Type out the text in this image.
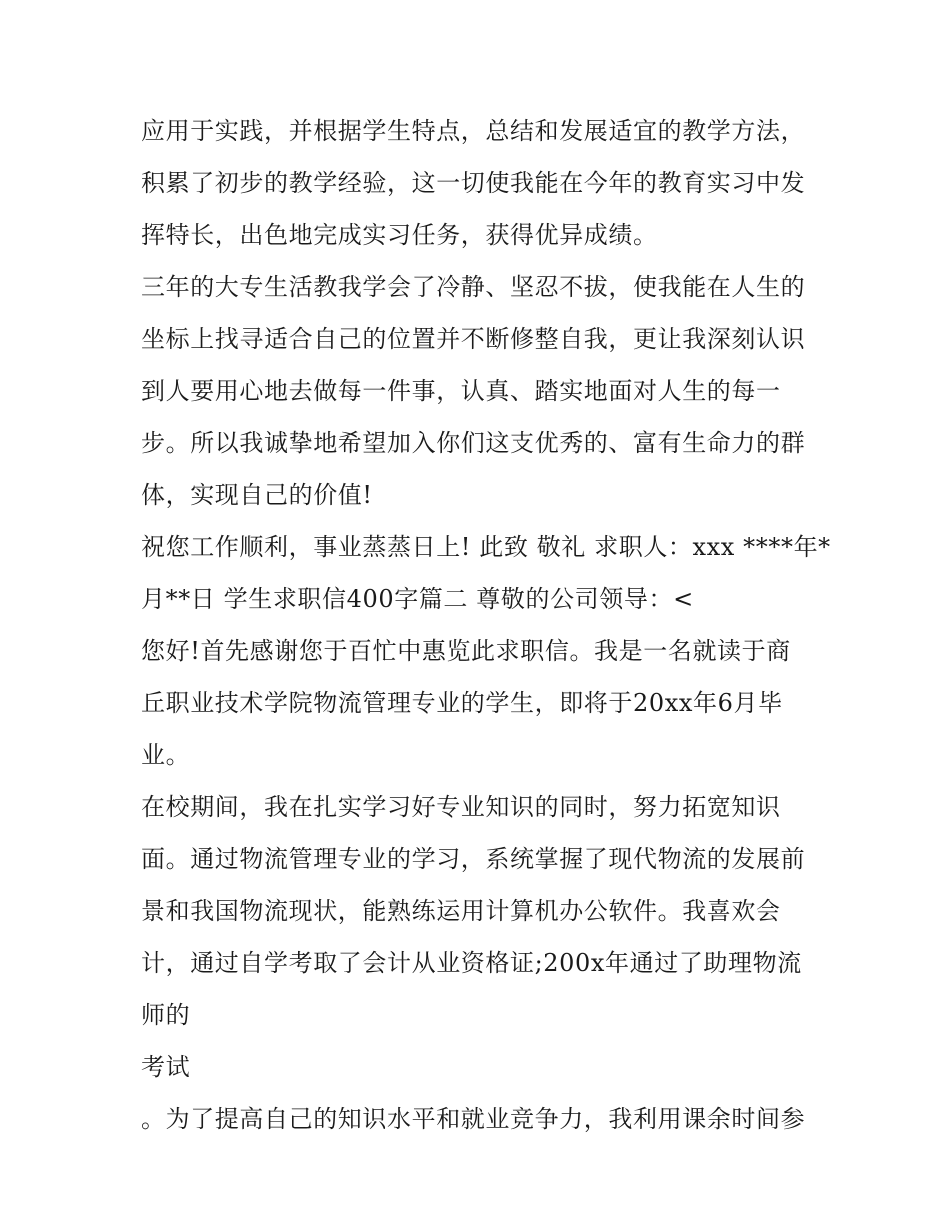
应用于实践，并根据学生特点，总结和发展适宜的教学方法，
积累了初步的教学经验，这一切使我能在今年的教育实习中发
挥特长，出色地完成实习任务，获得优异成绩。
三年的大专生活教我学会了冷静、坚忍不拔，使我能在人生的
坐标上找寻适合自己的位置并不断修整自我，更让我深刻认识
到人要用心地去做每一件事，认真、踏实地面对人生的每一
步。所以我诚挚地希望加入你们这支优秀的、富有生命力的群
体，实现自己的价值!
祝您工作顺利，事业蒸蒸日上! 此致 敬礼 求职人：xxx ****年*
月**日 学生求职信400字篇二 尊敬的公司领导：<
您好!首先感谢您于百忙中惠览此求职信。我是一名就读于商
丘职业技术学院物流管理专业的学生，即将于20xx年6月毕
业。
在校期间，我在扎实学习好专业知识的同时，努力拓宽知识
面。通过物流管理专业的学习，系统掌握了现代物流的发展前
景和我国物流现状，能熟练运用计算机办公软件。我喜欢会
计，通过自学考取了会计从业资格证;200x年通过了助理物流
师的
考试
。为了提高自己的知识水平和就业竞争力，我利用课余时间参
